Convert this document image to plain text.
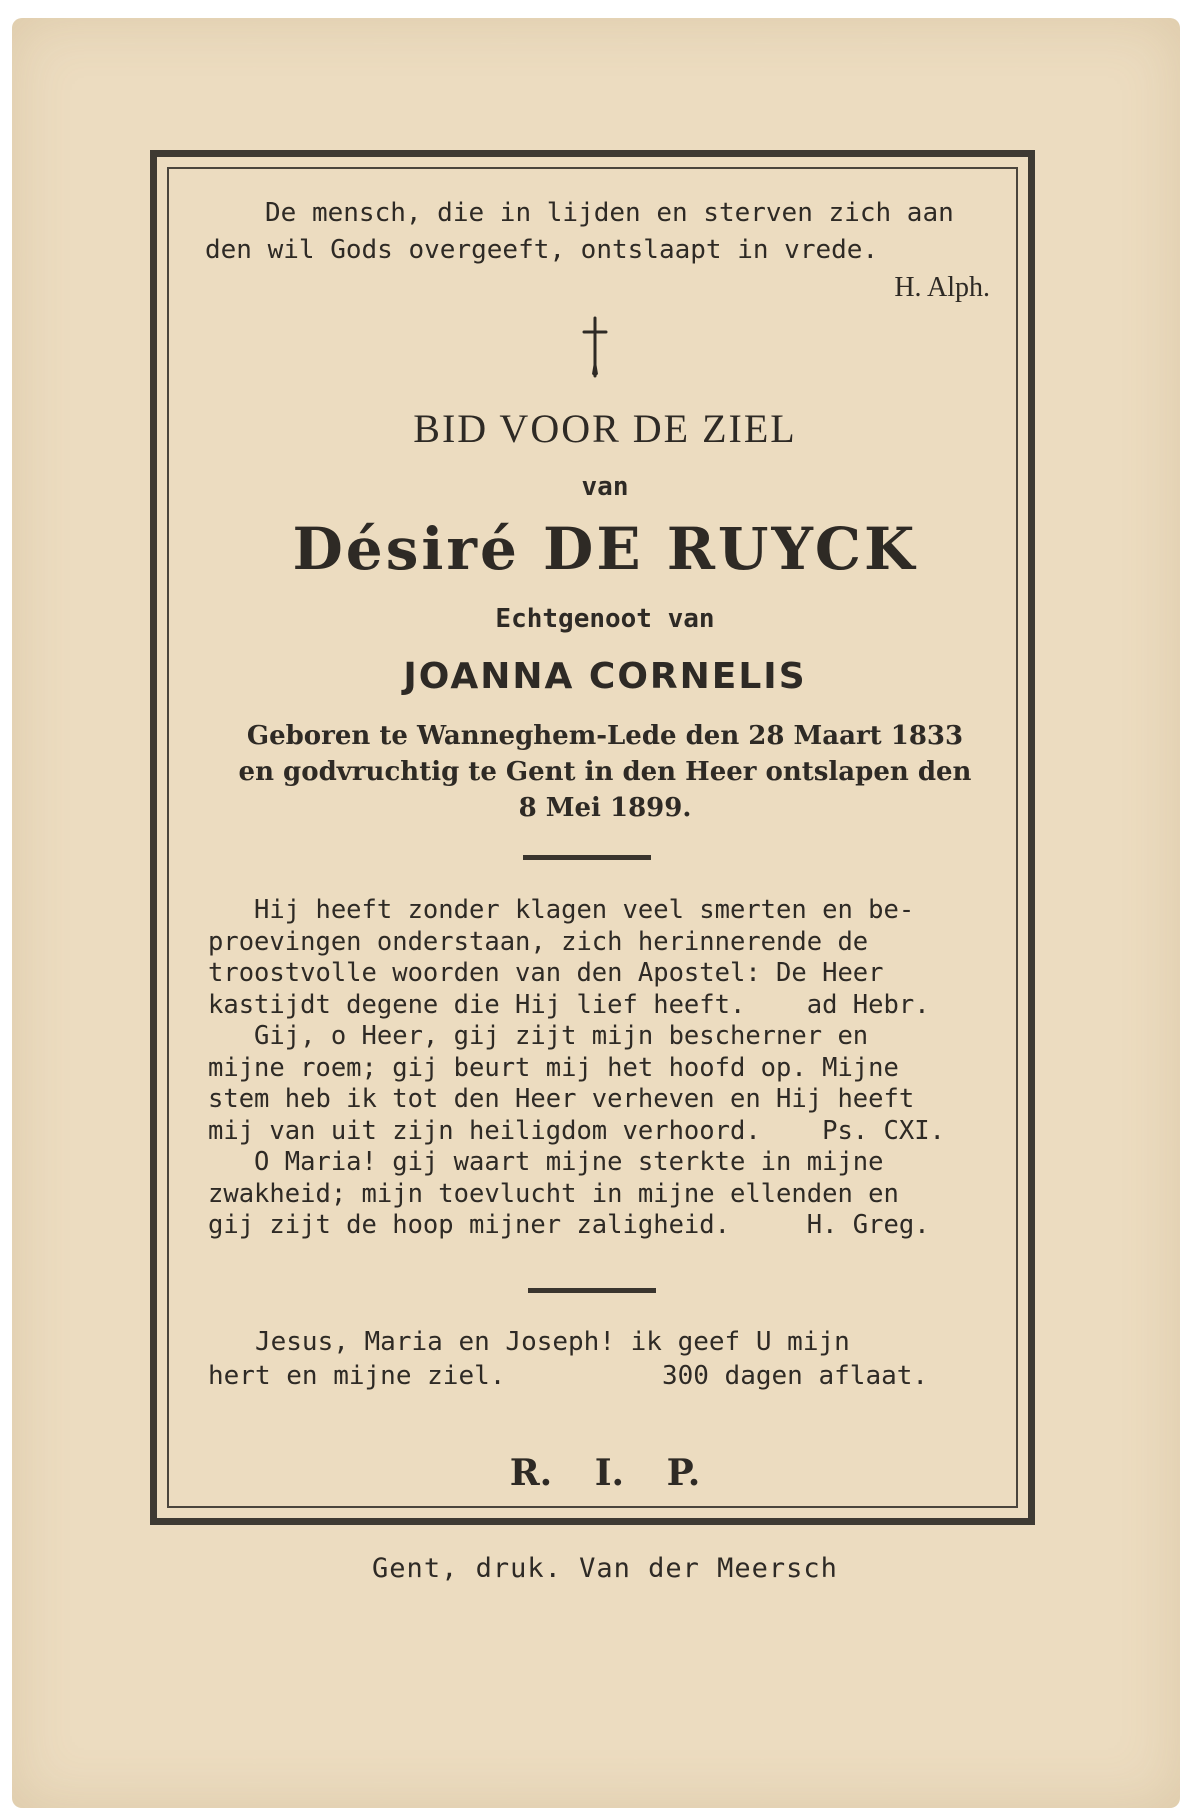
De mensch, die in lijden en sterven zich aan
den wil Gods overgeeft, ontslaapt in vrede.
H. Alph.
BID VOOR DE ZIEL
van
Désiré DE RUYCK
Echtgenoot van
JOANNA CORNELIS
Geboren te Wanneghem-Lede den 28 Maart 1833
en godvruchtig te Gent in den Heer ontslapen den
8 Mei 1899.
Hij heeft zonder klagen veel smerten en be-
proevingen onderstaan, zich herinnerende de
troostvolle woorden van den Apostel: De Heer
kastijdt degene die Hij lief heeft.    ad Hebr.
Gij, o Heer, gij zijt mijn bescherner en
mijne roem; gij beurt mij het hoofd op. Mijne
stem heb ik tot den Heer verheven en Hij heeft
mij van uit zijn heiligdom verhoord.    Ps. CXI.
O Maria! gij waart mijne sterkte in mijne
zwakheid; mijn toevlucht in mijne ellenden en
gij zijt de hoop mijner zaligheid.     H. Greg.
Jesus, Maria en Joseph! ik geef U mijn
hert en mijne ziel.          300 dagen aflaat.
R. I. P.
Gent, druk. Van der Meersch
